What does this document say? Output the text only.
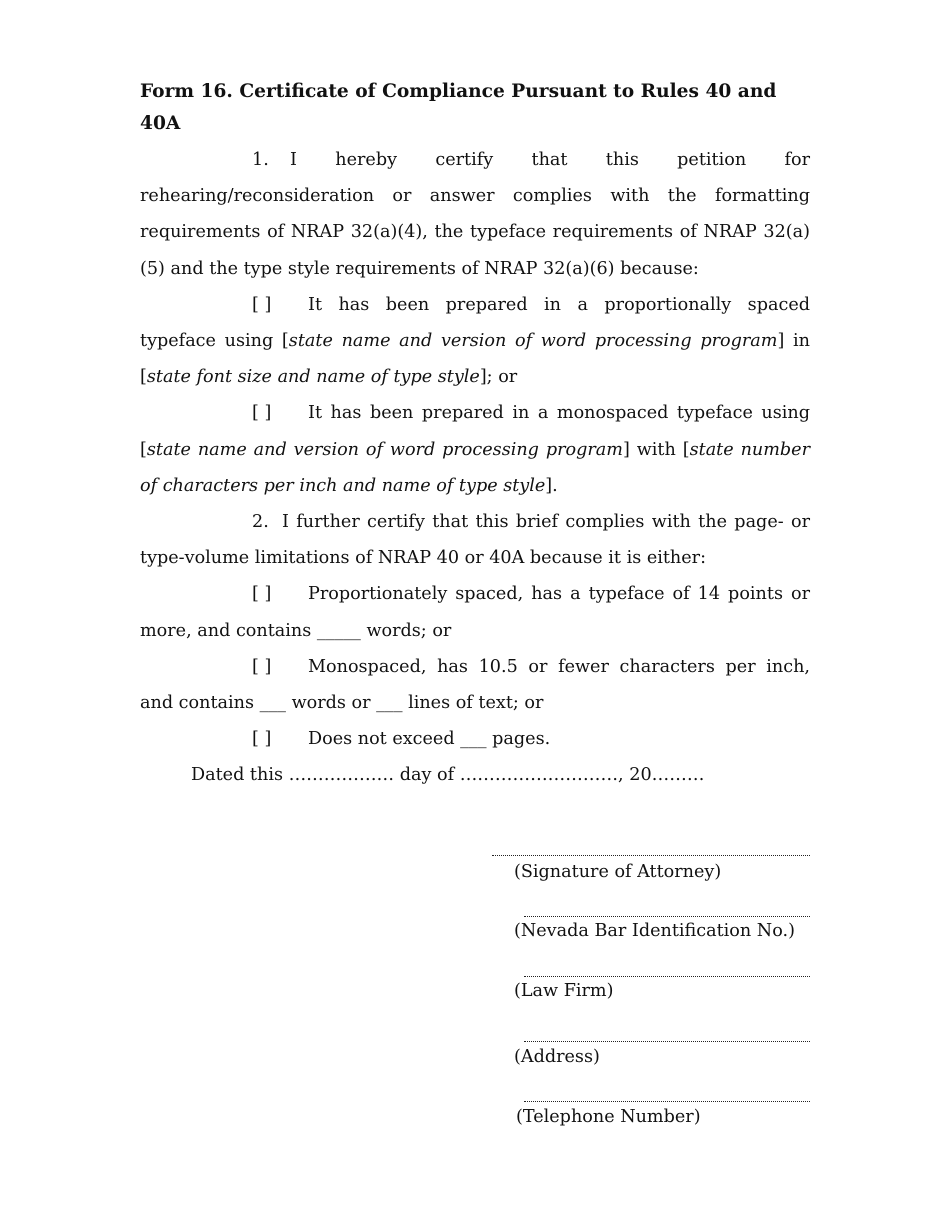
Form 16. Certificate of Compliance Pursuant to Rules 40 and 40A

1. I hereby certify that this petition for rehearing/reconsideration or answer complies with the formatting requirements of NRAP 32(a)(4), the typeface requirements of NRAP 32(a)(5) and the type style requirements of NRAP 32(a)(6) because:

[ ] It has been prepared in a proportionally spaced typeface using [state name and version of word processing program] in [state font size and name of type style]; or

[ ] It has been prepared in a monospaced typeface using [state name and version of word processing program] with [state number of characters per inch and name of type style].

2. I further certify that this brief complies with the page- or type-volume limitations of NRAP 40 or 40A because it is either:

[ ] Proportionately spaced, has a typeface of 14 points or more, and contains _____ words; or

[ ] Monospaced, has 10.5 or fewer characters per inch, and contains ___ words or ___ lines of text; or

[ ] Does not exceed ___ pages.

Dated this ……………… day of ………………………, 20………

(Signature of Attorney)
(Nevada Bar Identification No.)
(Law Firm)
(Address)
(Telephone Number)
